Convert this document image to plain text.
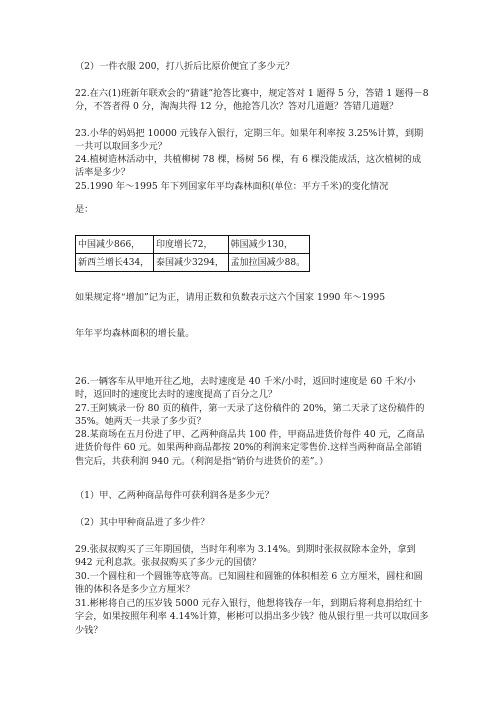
（2）一件衣服 200，打八折后比原价便宜了多少元？

22.在六(1)班新年联欢会的“猜谜”抢答比赛中，规定答对 1 题得 5 分，答错 1 题得－8 分，不答者得 0 分，淘淘共得 12 分，他抢答几次？答对几道题？答错几道题？

23.小华的妈妈把 10000 元钱存入银行，定期三年。如果年利率按 3.25%计算，到期一共可以取回多少元？

24.植树造林活动中，共植柳树 78 棵，杨树 56 棵，有 6 棵没能成活，这次植树的成活率是多少？

25.1990 年～1995 年下列国家年平均森林面积(单位：平方千米)的变化情况

是：

中国减少866，	印度增长72，	韩国减少130，
新西兰增长434，	泰国减少3294，	孟加拉国减少88。

如果规定将“增加”记为正，请用正数和负数表示这六个国家 1990 年～1995

年年平均森林面积的增长量。

26.一辆客车从甲地开往乙地，去时速度是 40 千米/小时，返回时速度是 60 千米/小时，返回时的速度比去时的速度提高了百分之几？

27.王阿姨录一份 80 页的稿件，第一天录了这份稿件的 20%，第二天录了这份稿件的 35%。她两天一共录了多少页？

28.某商场在五月份进了甲、乙两种商品共 100 件，甲商品进货价每件 40 元，乙商品进货价每件 60 元。如果两种商品都按 20%的利润来定零售价.这样当两种商品全部销售完后，共获利润 940 元。（利润是指“销价与进货价的差”。）

（1）甲、乙两种商品每件可获利润各是多少元？

（2）其中甲种商品进了多少件？

29.张叔叔购买了三年期国债，当时年利率为 3.14%。到期时张叔叔除本金外，拿到 942 元利息款。张叔叔购买了多少元的国债？

30.一个圆柱和一个圆锥等底等高。已知圆柱和圆锥的体积相差 6 立方厘米，圆柱和圆锥的体积各是多少立方厘米？

31.彬彬将自己的压岁钱 5000 元存入银行，他想将钱存一年，到期后将利息捐给红十字会，如果按照年利率 4.14%计算，彬彬可以捐出多少钱？他从银行里一共可以取回多少钱？
